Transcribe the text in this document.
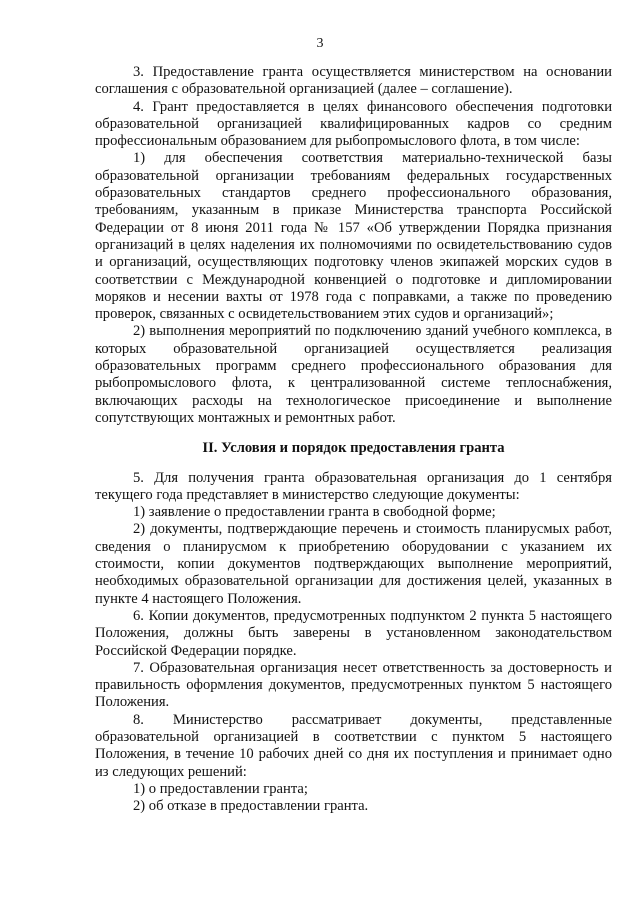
3

3. Предоставление гранта осуществляется министерством на основании соглашения с образовательной организацией (далее – соглашение).

4. Грант предоставляется в целях финансового обеспечения подготовки образовательной организацией квалифицированных кадров со средним профессиональным образованием для рыбопромыслового флота, в том числе:

1) для обеспечения соответствия материально-технической базы образовательной организации требованиям федеральных государственных образовательных стандартов среднего профессионального образования, требованиям, указанным в приказе Министерства транспорта Российской Федерации от 8 июня 2011 года № 157 «Об утверждении Порядка признания организаций в целях наделения их полномочиями по освидетельствованию судов и организаций, осуществляющих подготовку членов экипажей морских судов в соответствии с Международной конвенцией о подготовке и дипломировании моряков и несении вахты от 1978 года с поправками, а также по проведению проверок, связанных с освидетельствованием этих судов и организаций»;

2) выполнения мероприятий по подключению зданий учебного комплекса, в которых образовательной организацией осуществляется реализация образовательных программ среднего профессионального образования для рыбопромыслового флота, к централизованной системе теплоснабжения, включающих расходы на технологическое присоединение и выполнение сопутствующих монтажных и ремонтных работ.

II. Условия и порядок предоставления гранта

5. Для получения гранта образовательная организация до 1 сентября текущего года представляет в министерство следующие документы:

1) заявление о предоставлении гранта в свободной форме;

2) документы, подтверждающие перечень и стоимость планирусмых работ, сведения о планирусмом к приобретению оборудовании с указанием их стоимости, копии документов подтверждающих выполнение мероприятий, необходимых образовательной организации для достижения целей, указанных в пункте 4 настоящего Положения.

6. Копии документов, предусмотренных подпунктом 2 пункта 5 настоящего Положения, должны быть заверены в установленном законодательством Российской Федерации порядке.

7. Образовательная организация несет ответственность за достоверность и правильность оформления документов, предусмотренных пунктом 5 настоящего Положения.

8. Министерство рассматривает документы, представленные образовательной организацией в соответствии с пунктом 5 настоящего Положения, в течение 10 рабочих дней со дня их поступления и принимает одно из следующих решений:

1) о предоставлении гранта;

2) об отказе в предоставлении гранта.
